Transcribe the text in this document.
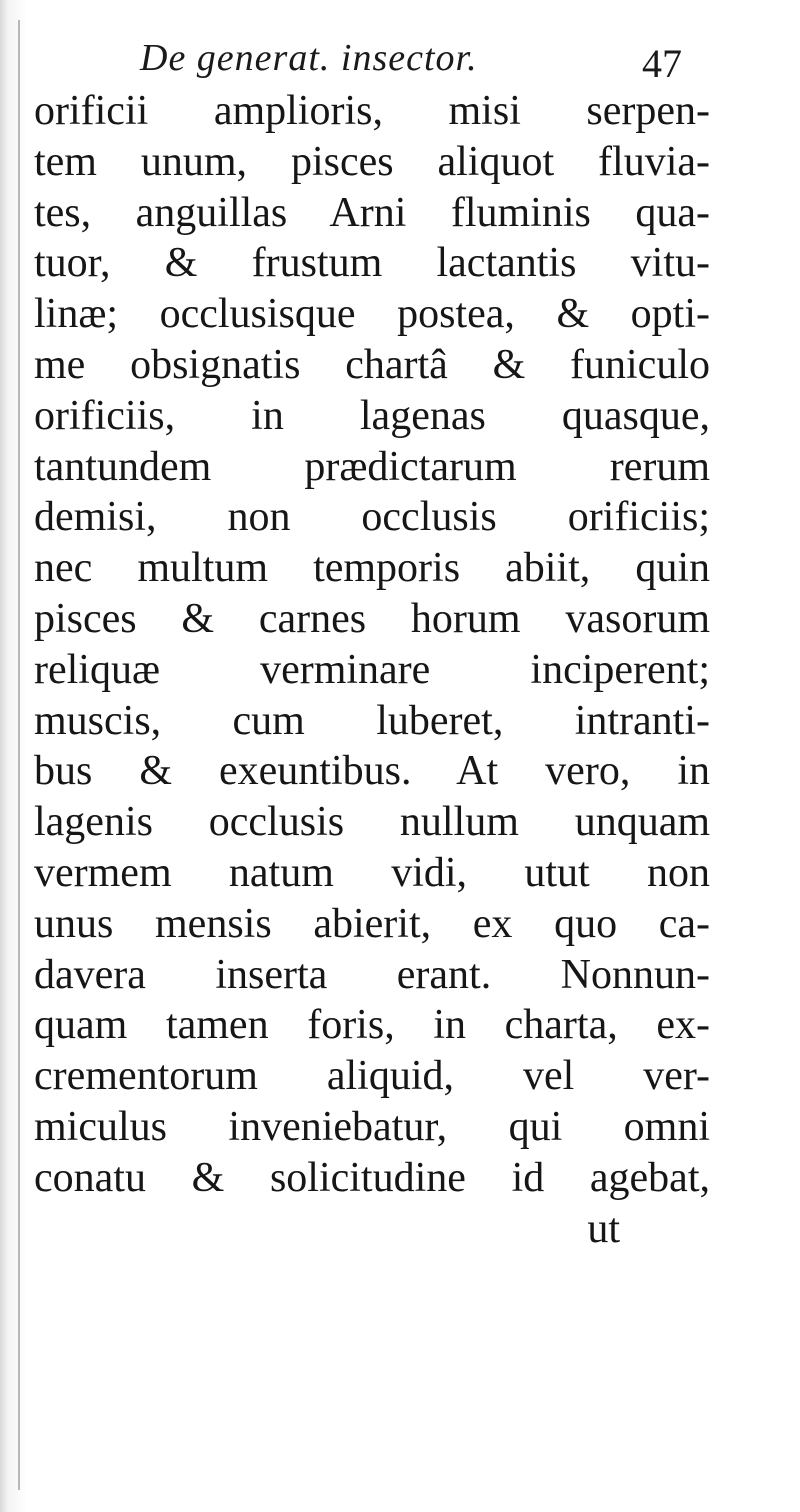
De generat. insector.	47
orificii amplioris, misi serpen-
tem unum, pisces aliquot fluvia-
tes, anguillas Arni fluminis qua-
tuor, & frustum lactantis vitu-
linæ; occlusisque postea, & opti-
me obsignatis chartâ & funiculo
orificiis, in lagenas quasque,
tantundem prædictarum rerum
demisi, non occlusis orificiis;
nec multum temporis abiit, quin
pisces & carnes horum vasorum
reliquæ verminare inciperent;
muscis, cum luberet, intranti-
bus & exeuntibus. At vero, in
lagenis occlusis nullum unquam
vermem natum vidi, utut non
unus mensis abierit, ex quo ca-
davera inserta erant. Nonnun-
quam tamen foris, in charta, ex-
crementorum aliquid, vel ver-
miculus inveniebatur, qui omni
conatu & solicitudine id agebat,
ut
